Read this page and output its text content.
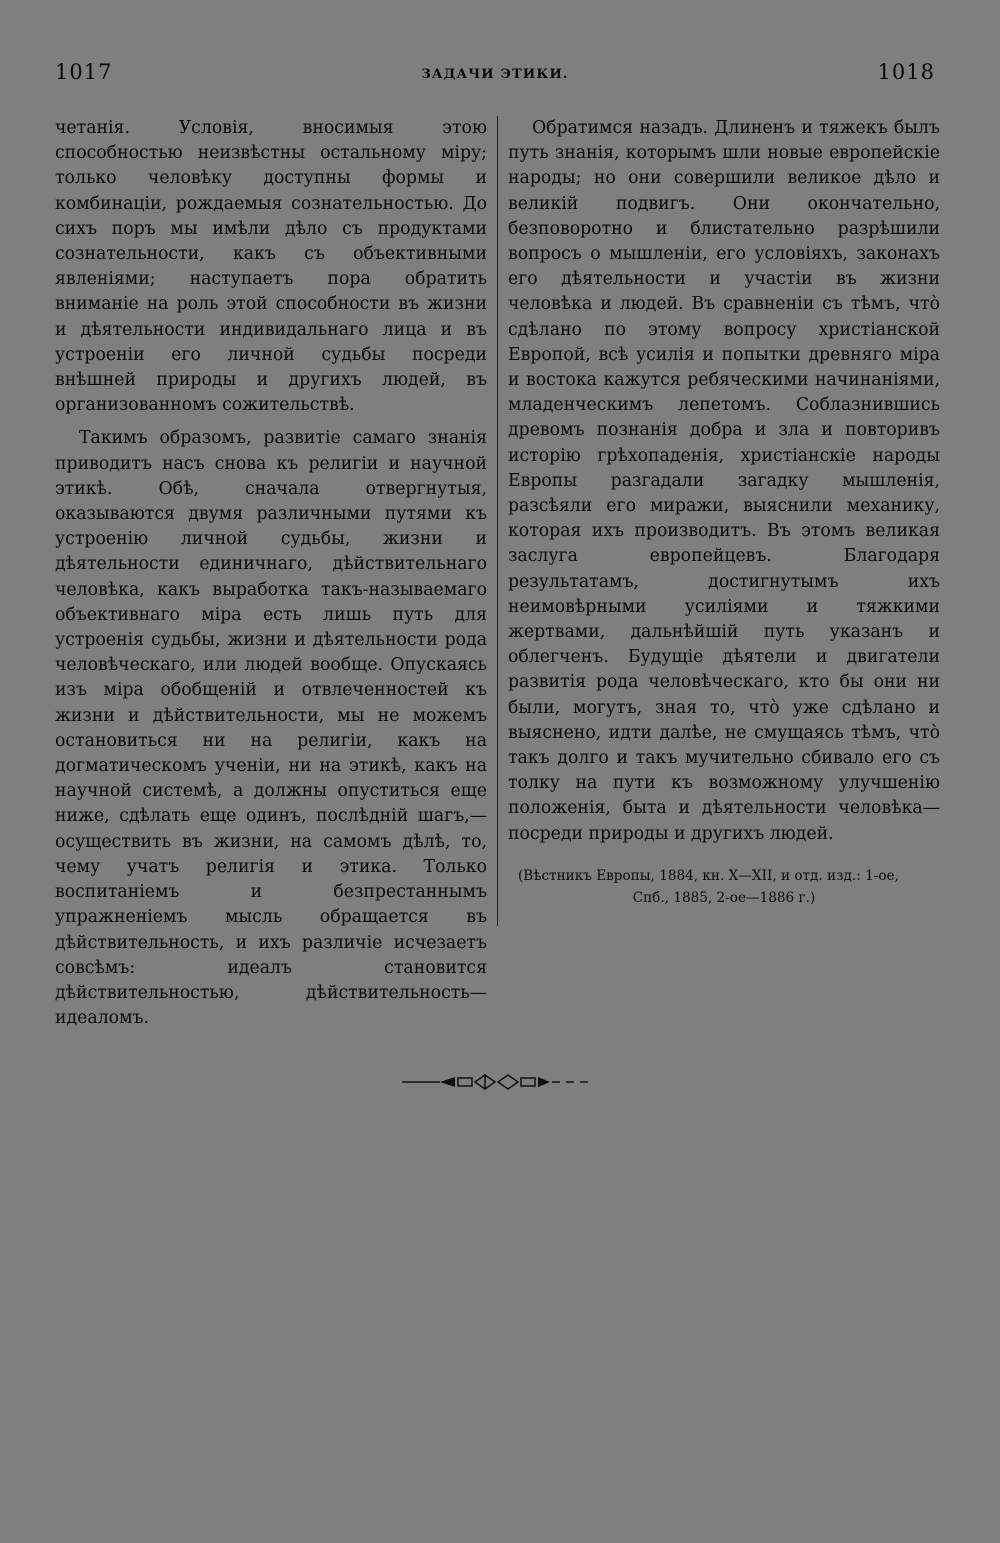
1017	ЗАДАЧИ ЭТИКИ.	1018

четанія. Условія, вносимыя этою способностью неизвѣстны остальному міру; только человѣку доступны формы и комбинаціи, рождаемыя сознательностью. До сихъ поръ мы имѣли дѣло съ продуктами сознательности, какъ съ объективными явленіями; наступаетъ пора обратить вниманіе на роль этой способности въ жизни и дѣятельности индивидальнаго лица и въ устроеніи его личной судьбы посреди внѣшней природы и другихъ людей, въ организованномъ сожительствѣ.

Такимъ образомъ, развитіе самаго знанія приводитъ насъ снова къ религіи и научной этикѣ. Обѣ, сначала отвергнутыя, оказываются двумя различными путями къ устроенію личной судьбы, жизни и дѣятельности единичнаго, дѣйствительнаго человѣка, какъ выработка такъ-называемаго объективнаго міра есть лишь путь для устроенія судьбы, жизни и дѣятельности рода человѣческаго, или людей вообще. Опускаясь изъ міра обобщеній и отвлеченностей къ жизни и дѣйствительности, мы не можемъ остановиться ни на религіи, какъ на догматическомъ ученіи, ни на этикѣ, какъ на научной системѣ, а должны опуститься еще ниже, сдѣлать еще одинъ, послѣдній шагъ,—осуществить въ жизни, на самомъ дѣлѣ, то, чему учатъ религія и этика. Только воспитаніемъ и безпрестаннымъ упражненіемъ мысль обращается въ дѣйствительность, и ихъ различіе исчезаетъ совсѣмъ: идеалъ становится дѣйствительностью, дѣйствительность—идеаломъ.

Обратимся назадъ. Длиненъ и тяжекъ былъ путь знанія, которымъ шли новые европейскіе народы; но они совершили великое дѣло и великій подвигъ. Они окончательно, безповоротно и блистательно разрѣшили вопросъ о мышленіи, его условіяхъ, законахъ его дѣятельности и участіи въ жизни человѣка и людей. Въ сравненіи съ тѣмъ, что̀ сдѣлано по этому вопросу христіанской Европой, всѣ усилія и попытки древняго міра и востока кажутся ребяческими начинаніями, младенческимъ лепетомъ. Соблазнившись древомъ познанія добра и зла и повторивъ исторію грѣхопаденія, христіанскіе народы Европы разгадали загадку мышленія, разсѣяли его миражи, выяснили механику, которая ихъ производитъ. Въ этомъ великая заслуга европейцевъ. Благодаря результатамъ, достигнутымъ ихъ неимовѣрными усиліями и тяжкими жертвами, дальнѣйшій путь указанъ и облегченъ. Будущіе дѣятели и двигатели развитія рода человѣческаго, кто бы они ни были, могутъ, зная то, что̀ уже сдѣлано и выяснено, идти далѣе, не смущаясь тѣмъ, что̀ такъ долго и такъ мучительно сбивало его съ толку на пути къ возможному улучшенію положенія, быта и дѣятельности человѣка—посреди природы и другихъ людей.

(Вѣстникъ Европы, 1884, кн. X—XII, и отд. изд.: 1-ое,
Спб., 1885, 2-ое—1886 г.)
